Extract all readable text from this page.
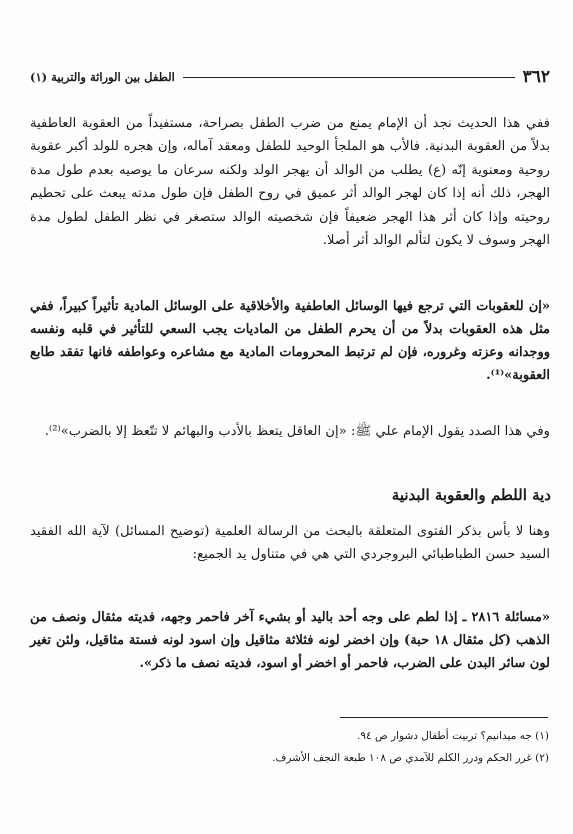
٣٦٢
الطفل بين الوراثة والتربية (١)

ففي هذا الحديث نجد أن الإمام يمنع من ضرب الطفل بصراحة، مستفيداً من العقوبة العاطفية بدلاً من العقوبة البدنية. فالأب هو الملجأ الوحيد للطفل ومعقد آماله، وإن هجره للولد أكبر عقوبة روحية ومعنوية إنّه (ع) يطلب من الوالد أن يهجر الولد ولكنه سرعان ما يوصيه بعدم طول مدة الهجر، ذلك أنه إذا كان لهجر الوالد أثر عميق في روح الطفل فإن طول مدته يبعث على تحطيم روحيته وإذا كان أثر هذا الهجر ضعيفاً فإن شخصيته الوالد ستصغر في نظر الطفل لطول مدة الهجر وسوف لا يكون لتألم الوالد أثر أصلا.

«إن للعقوبات التي ترجع فيها الوسائل العاطفية والأخلاقية على الوسائل المادية تأثيراً كبيراً، ففي مثل هذه العقوبات بدلاً من أن يحرم الطفل من الماديات يجب السعي للتأثير في قلبه ونفسه ووجدانه وعزته وغروره، فإن لم ترتبط المحرومات المادية مع مشاعره وعواطفه فانها تفقد طابع العقوبة»⁽¹⁾.

وفي هذا الصدد يقول الإمام علي ﷺ: «إن العاقل يتعظ بالأدب والبهائم لا تتّعظ إلا بالضرب»⁽²⁾.

دية اللطم والعقوبة البدنية

وهنا لا بأس بذكر الفتوى المتعلقة بالبحث من الرسالة العلمية (توضيح المسائل) لآية الله الفقيد السيد حسن الطباطبائي البروجردي التي هي في متناول يد الجميع:

«مسائلة ٢٨١٦ ـ إذا لطم على وجه أحد باليد أو بشيء آخر فاحمر وجهه، فديته مثقال ونصف من الذهب (كل مثقال ١٨ حبة) وإن اخضر لونه فثلاثة مثاقيل وإن اسود لونه فستة مثاقيل، ولئن تغير لون سائر البدن على الضرب، فاحمر أو اخضر أو اسود، فديته نصف ما ذكر».

(١) جه ميدانيم؟ تربيت أطفال دشوار ص ٩٤.

(٢) غرر الحكم ودرر الكلم للآمدي ص ١٠٨ طبعة النجف الأشرف.
